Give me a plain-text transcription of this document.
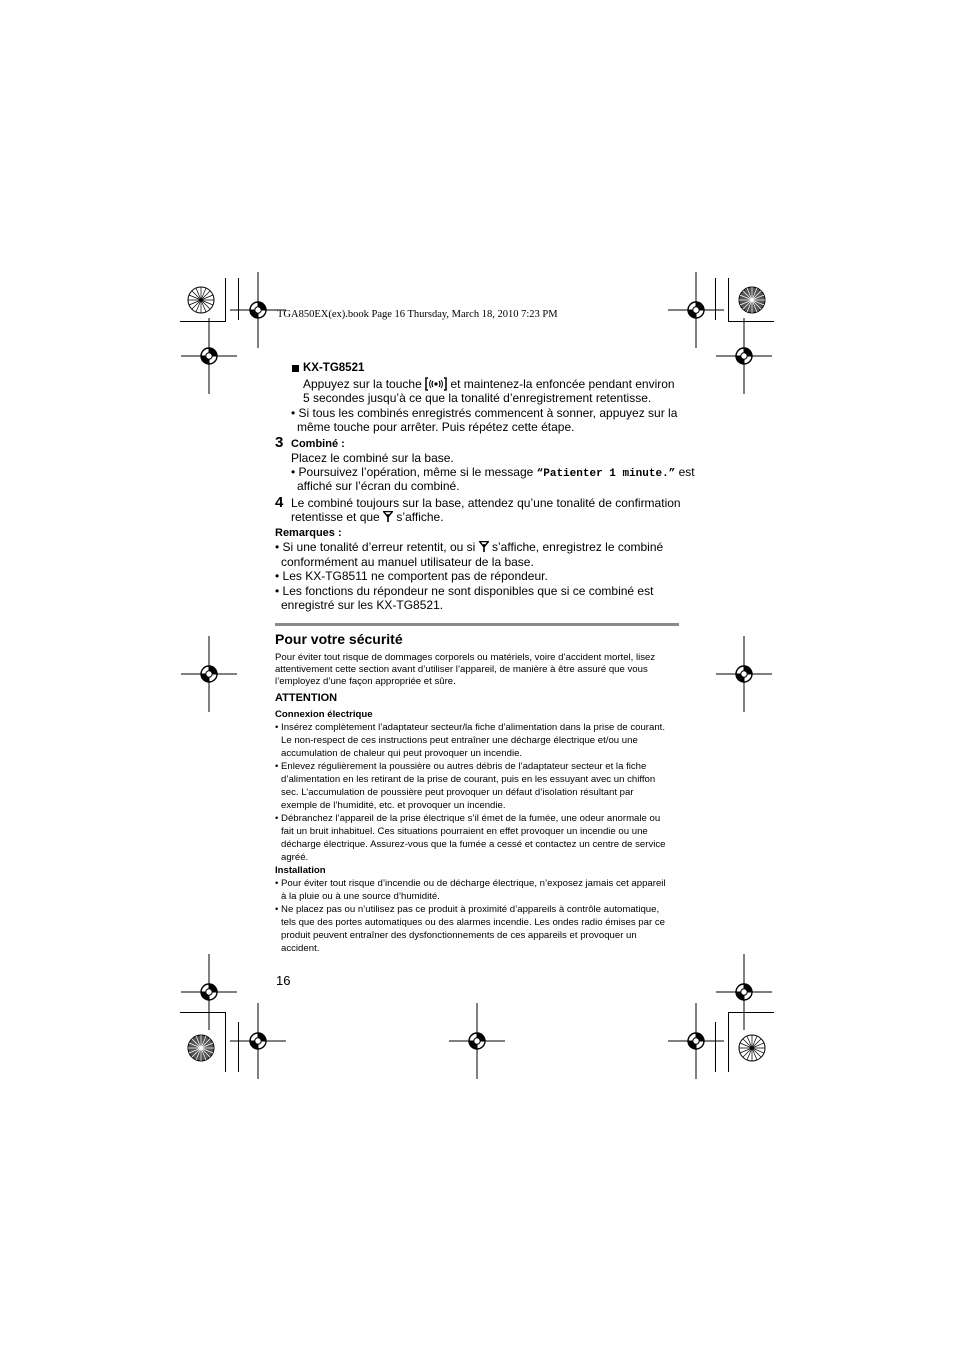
TGA850EX(ex).book Page 16 Thursday, March 18, 2010 7:23 PM
KX-TG8521
Appuyez sur la touche et maintenez-la enfoncée pendant environ
5 secondes jusqu’à ce que la tonalité d’enregistrement retentisse.
• Si tous les combinés enregistrés commencent à sonner, appuyez sur la
même touche pour arrêter. Puis répétez cette étape.
3 Combiné :
Placez le combiné sur la base.
• Poursuivez l’opération, même si le message “Patienter 1 minute.” est
affiché sur l’écran du combiné.
4 Le combiné toujours sur la base, attendez qu’une tonalité de confirmation
retentisse et que s’affiche.
Remarques :
• Si une tonalité d’erreur retentit, ou si s’affiche, enregistrez le combiné
conformément au manuel utilisateur de la base.
• Les KX-TG8511 ne comportent pas de répondeur.
• Les fonctions du répondeur ne sont disponibles que si ce combiné est
enregistré sur les KX-TG8521.
Pour votre sécurité
Pour éviter tout risque de dommages corporels ou matériels, voire d’accident mortel, lisez
attentivement cette section avant d’utiliser l’appareil, de manière à être assuré que vous
l’employez d’une façon appropriée et sûre.
ATTENTION
Connexion électrique
• Insérez complètement l’adaptateur secteur/la fiche d’alimentation dans la prise de courant.
Le non-respect de ces instructions peut entraîner une décharge électrique et/ou une
accumulation de chaleur qui peut provoquer un incendie.
• Enlevez régulièrement la poussière ou autres débris de l’adaptateur secteur et la fiche
d’alimentation en les retirant de la prise de courant, puis en les essuyant avec un chiffon
sec. L’accumulation de poussière peut provoquer un défaut d’isolation résultant par
exemple de l’humidité, etc. et provoquer un incendie.
• Débranchez l’appareil de la prise électrique s’il émet de la fumée, une odeur anormale ou
fait un bruit inhabituel. Ces situations pourraient en effet provoquer un incendie ou une
décharge électrique. Assurez-vous que la fumée a cessé et contactez un centre de service
agréé.
Installation
• Pour éviter tout risque d’incendie ou de décharge électrique, n’exposez jamais cet appareil
à la pluie ou à une source d’humidité.
• Ne placez pas ou n’utilisez pas ce produit à proximité d’appareils à contrôle automatique,
tels que des portes automatiques ou des alarmes incendie. Les ondes radio émises par ce
produit peuvent entraîner des dysfonctionnements de ces appareils et provoquer un
accident.
16
